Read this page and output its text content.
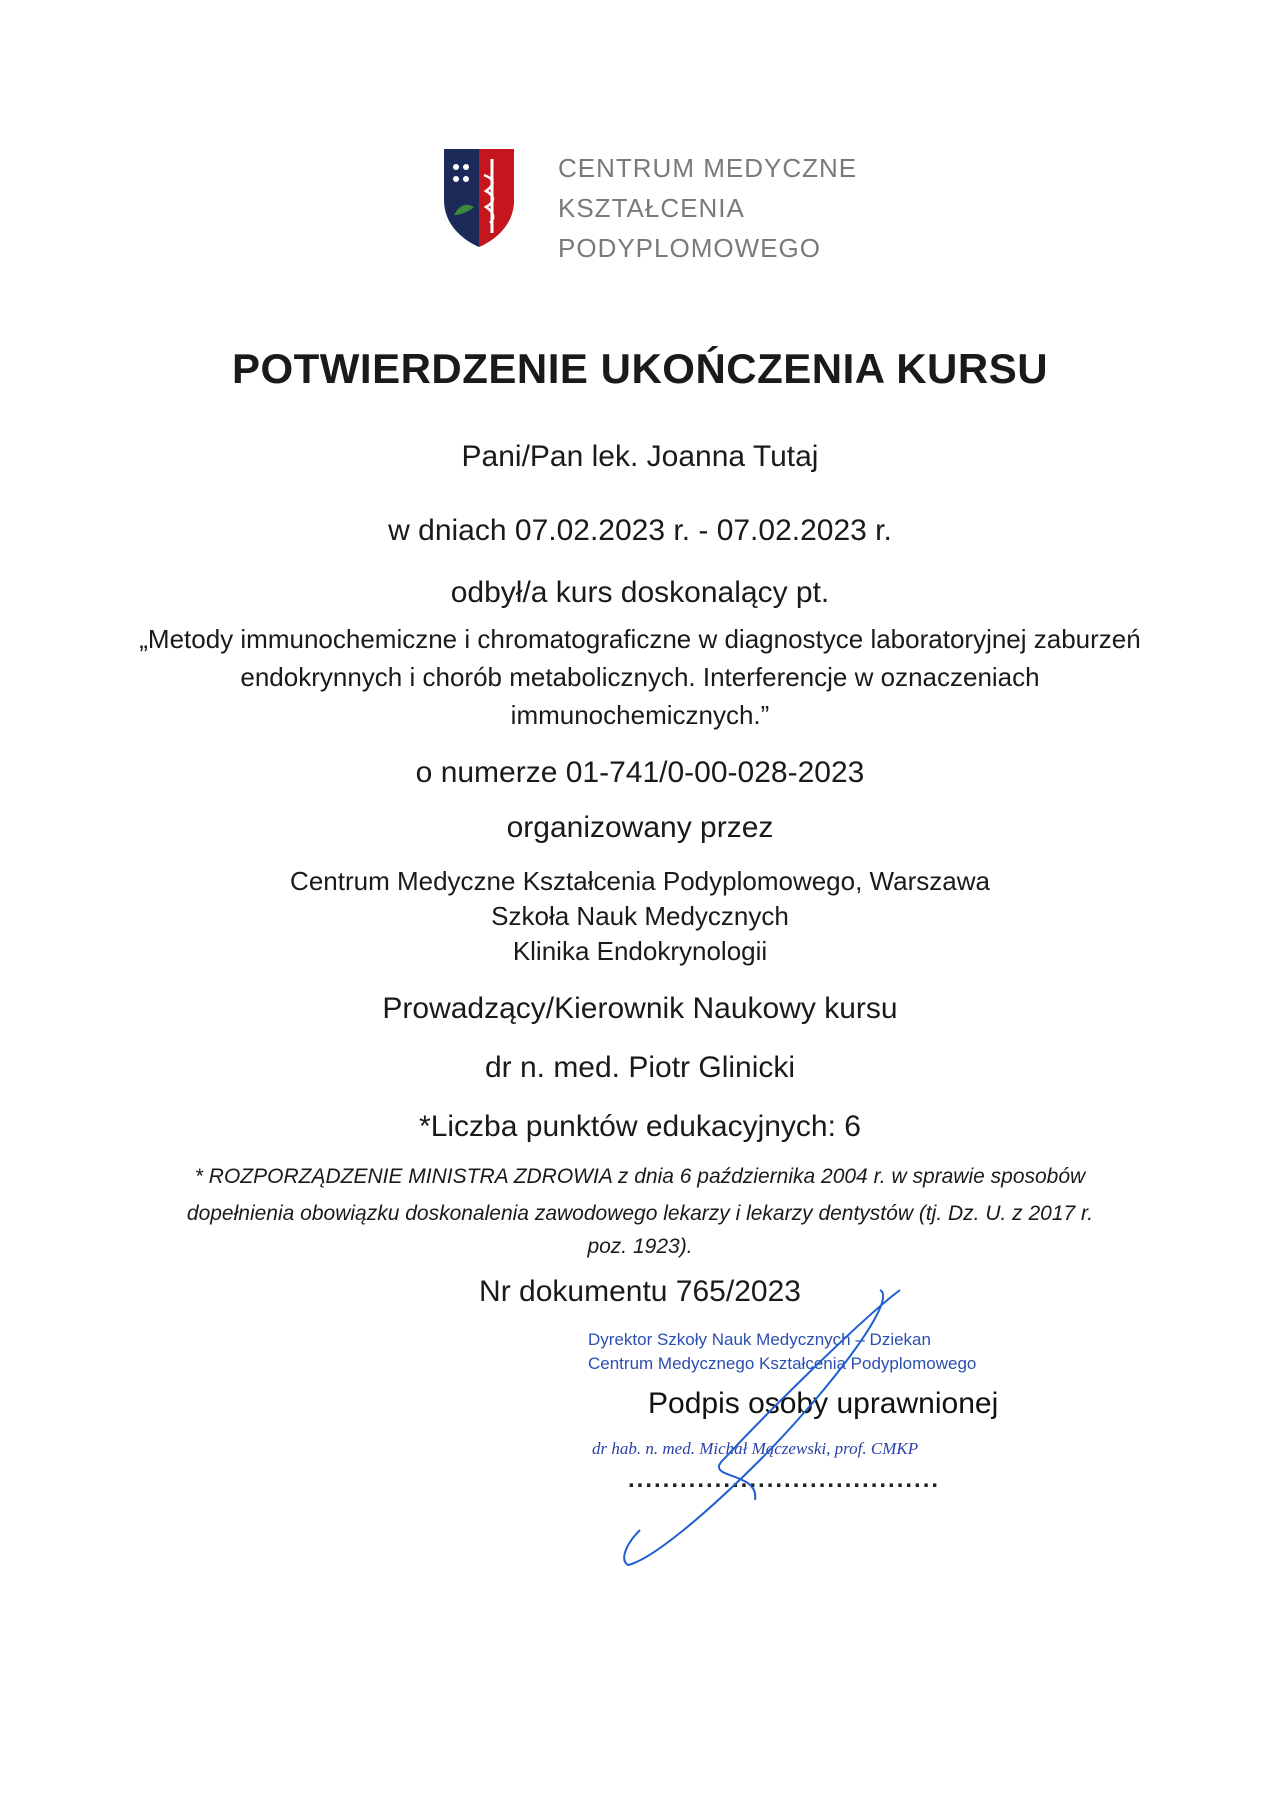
CENTRUM MEDYCZNE
KSZTAŁCENIA
PODYPLOMOWEGO
POTWIERDZENIE UKOŃCZENIA KURSU
Pani/Pan lek. Joanna Tutaj
w dniach 07.02.2023 r. - 07.02.2023 r.
odbył/a kurs doskonalący pt.
„Metody immunochemiczne i chromatograficzne w diagnostyce laboratoryjnej zaburzeń
endokrynnych i chorób metabolicznych. Interferencje w oznaczeniach
immunochemicznych.”
o numerze 01-741/0-00-028-2023
organizowany przez
Centrum Medyczne Kształcenia Podyplomowego, Warszawa
Szkoła Nauk Medycznych
Klinika Endokrynologii
Prowadzący/Kierownik Naukowy kursu
dr n. med. Piotr Glinicki
*Liczba punktów edukacyjnych: 6
* ROZPORZĄDZENIE MINISTRA ZDROWIA z dnia 6 października 2004 r. w sprawie sposobów
dopełnienia obowiązku doskonalenia zawodowego lekarzy i lekarzy dentystów (tj. Dz. U. z 2017 r.
poz. 1923).
Nr dokumentu 765/2023
Dyrektor Szkoły Nauk Medycznych – Dziekan
Centrum Medycznego Kształcenia Podyplomowego
Podpis osoby uprawnionej
dr hab. n. med. Michał Mączewski, prof. CMKP
....................................
